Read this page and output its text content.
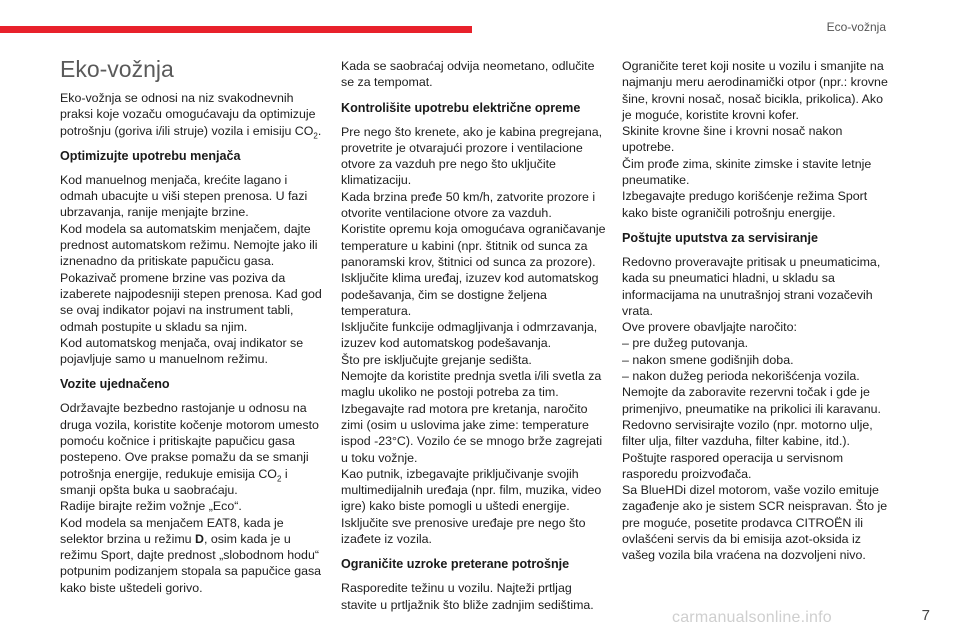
Eco-vožnja
Eko-vožnja

Eko-vožnja se odnosi na niz svakodnevnih praksi koje vozaču omogućavaju da optimizuje potrošnju (goriva i/ili struje) vozila i emisiju $CO_2$.

Optimizujte upotrebu menjača

Kod manuelnog menjača, krećite lagano i odmah ubacujte u viši stepen prenosa. U fazi ubrzavanja, ranije menjajte brzine.

Kod modela sa automatskim menjačem, dajte prednost automatskom režimu. Nemojte jako ili iznenadno da pritiskate papučicu gasa.

Pokazivač promene brzine vas poziva da izaberete najpodesniji stepen prenosa. Kad god se ovaj indikator pojavi na instrument tabli, odmah postupite u skladu sa njim.

Kod automatskog menjača, ovaj indikator se pojavljuje samo u manuelnom režimu.

Vozite ujednačeno

Održavajte bezbedno rastojanje u odnosu na druga vozila, koristite kočenje motorom umesto pomoću kočnice i pritiskajte papučicu gasa postepeno. Ove prakse pomažu da se smanji potrošnja energije, redukuje emisija $CO_2$ i smanji opšta buka u saobraćaju.

Radije birajte režim vožnje „Eco“.

Kod modela sa menjačem EAT8, kada je selektor brzina u režimu D, osim kada je u režimu Sport, dajte prednost „slobodnom hodu“ potpunim podizanjem stopala sa papučice gasa kako biste uštedeli gorivo.

Kada se saobraćaj odvija neometano, odlučite se za tempomat.

Kontrolišite upotrebu električne opreme

Pre nego što krenete, ako je kabina pregrejana, provetrite je otvarajući prozore i ventilacione otvore za vazduh pre nego što uključite klimatizaciju.

Kada brzina pređe 50 km/h, zatvorite prozore i otvorite ventilacione otvore za vazduh.

Koristite opremu koja omogućava ograničavanje temperature u kabini (npr. štitnik od sunca za panoramski krov, štitnici od sunca za prozore).

Isključite klima uređaj, izuzev kod automatskog podešavanja, čim se dostigne željena temperatura.

Isključite funkcije odmagljivanja i odmrzavanja, izuzev kod automatskog podešavanja.

Što pre isključujte grejanje sedišta.

Nemojte da koristite prednja svetla i/ili svetla za maglu ukoliko ne postoji potreba za tim.

Izbegavajte rad motora pre kretanja, naročito zimi (osim u uslovima jake zime: temperature ispod -23°C). Vozilo će se mnogo brže zagrejati u toku vožnje.

Kao putnik, izbegavajte priključivanje svojih multimedijalnih uređaja (npr. film, muzika, video igre) kako biste pomogli u uštedi energije.

Isključite sve prenosive uređaje pre nego što izađete iz vozila.

Ograničite uzroke preterane potrošnje

Rasporedite težinu u vozilu. Najteži prtljag stavite u prtljažnik što bliže zadnjim sedištima.

Ograničite teret koji nosite u vozilu i smanjite na najmanju meru aerodinamički otpor (npr.: krovne šine, krovni nosač, nosač bicikla, prikolica). Ako je moguće, koristite krovni kofer.

Skinite krovne šine i krovni nosač nakon upotrebe.

Čim prođe zima, skinite zimske i stavite letnje pneumatike.

Izbegavajte predugo korišćenje režima Sport kako biste ograničili potrošnju energije.

Poštujte uputstva za servisiranje

Redovno proveravajte pritisak u pneumaticima, kada su pneumatici hladni, u skladu sa informacijama na unutrašnjoj strani vozačevih vrata.

Ove provere obavljajte naročito:

– pre dužeg putovanja.
– nakon smene godišnjih doba.
– nakon dužeg perioda nekorišćenja vozila.

Nemojte da zaboravite rezervni točak i gde je primenjivo, pneumatike na prikolici ili karavanu.

Redovno servisirajte vozilo (npr. motorno ulje, filter ulja, filter vazduha, filter kabine, itd.). Poštujte raspored operacija u servisnom rasporedu proizvođača.

Sa BlueHDi dizel motorom, vaše vozilo emituje zagađenje ako je sistem SCR neispravan. Što je pre moguće, posetite prodavca CITROËN ili ovlašćeni servis da bi emisija azot-oksida iz vašeg vozila bila vraćena na dozvoljeni nivo.

carmanualsonline.info	7
